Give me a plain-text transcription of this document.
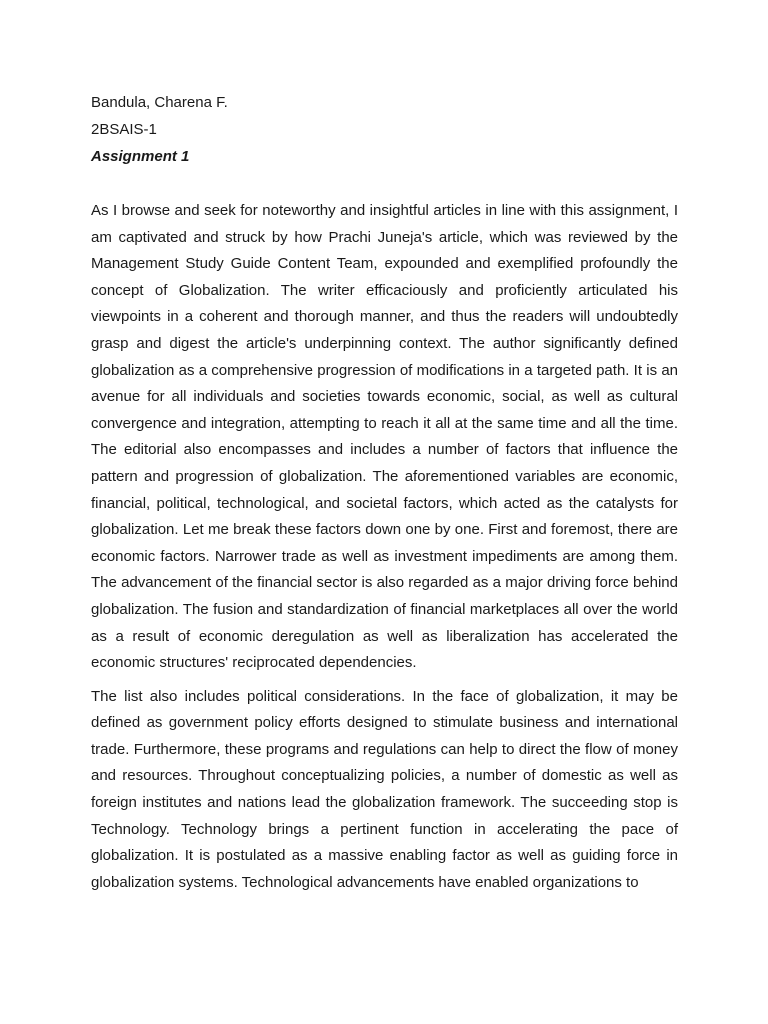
Bandula, Charena F.

2BSAIS-1

Assignment 1

As I browse and seek for noteworthy and insightful articles in line with this assignment, I am captivated and struck by how Prachi Juneja's article, which was reviewed by the Management Study Guide Content Team, expounded and exemplified profoundly the concept of Globalization. The writer efficaciously and proficiently articulated his viewpoints in a coherent and thorough manner, and thus the readers will undoubtedly grasp and digest the article's underpinning context. The author significantly defined globalization as a comprehensive progression of modifications in a targeted path. It is an avenue for all individuals and societies towards economic, social, as well as cultural convergence and integration, attempting to reach it all at the same time and all the time. The editorial also encompasses and includes a number of factors that influence the pattern and progression of globalization. The aforementioned variables are economic, financial, political, technological, and societal factors, which acted as the catalysts for globalization. Let me break these factors down one by one. First and foremost, there are economic factors. Narrower trade as well as investment impediments are among them. The advancement of the financial sector is also regarded as a major driving force behind globalization. The fusion and standardization of financial marketplaces all over the world as a result of economic deregulation as well as liberalization has accelerated the economic structures' reciprocated dependencies.

The list also includes political considerations. In the face of globalization, it may be defined as government policy efforts designed to stimulate business and international trade. Furthermore, these programs and regulations can help to direct the flow of money and resources. Throughout conceptualizing policies, a number of domestic as well as foreign institutes and nations lead the globalization framework. The succeeding stop is Technology. Technology brings a pertinent function in accelerating the pace of globalization. It is postulated as a massive enabling factor as well as guiding force in globalization systems. Technological advancements have enabled organizations to
